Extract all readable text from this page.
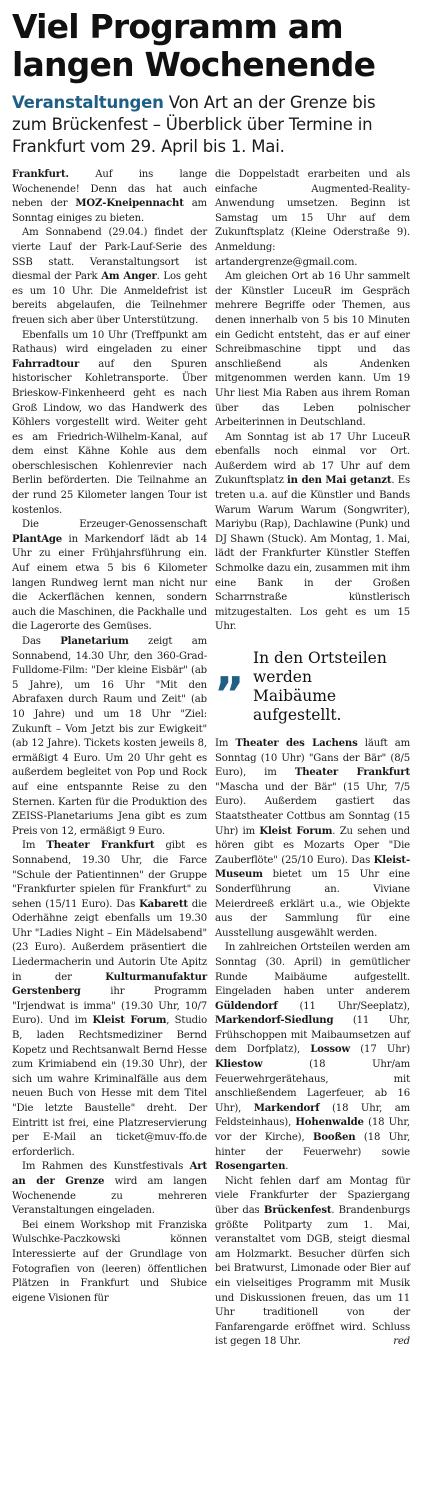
Viel Programm am
langen Wochenende

Veranstaltungen Von Art an der Grenze bis zum Brückenfest – Überblick über Termine in Frankfurt vom 29. April bis 1. Mai.

Frankfurt. Auf ins lange Wochenende! Denn das hat auch neben der MOZ-Kneipennacht am Sonntag einiges zu bieten.

Am Sonnabend (29.04.) findet der vierte Lauf der Park-Lauf-Serie des SSB statt. Veranstaltungsort ist diesmal der Park Am Anger. Los geht es um 10 Uhr. Die Anmeldefrist ist bereits abgelaufen, die Teilnehmer freuen sich aber über Unterstützung.

Ebenfalls um 10 Uhr (Treffpunkt am Rathaus) wird eingeladen zu einer Fahrradtour auf den Spuren historischer Kohletransporte. Über Brieskow-Finkenheerd geht es nach Groß Lindow, wo das Handwerk des Köhlers vorgestellt wird. Weiter geht es am Friedrich-Wilhelm-Kanal, auf dem einst Kähne Kohle aus dem oberschlesischen Kohlenrevier nach Berlin beförderten. Die Teilnahme an der rund 25 Kilometer langen Tour ist kostenlos.

Die Erzeuger-Genossenschaft PlantAge in Markendorf lädt ab 14 Uhr zu einer Frühjahrsführung ein. Auf einem etwa 5 bis 6 Kilometer langen Rundweg lernt man nicht nur die Ackerflächen kennen, sondern auch die Maschinen, die Packhalle und die Lagerorte des Gemüses.

Das Planetarium zeigt am Sonnabend, 14.30 Uhr, den 360-Grad-Fulldome-Film: "Der kleine Eisbär" (ab 5 Jahre), um 16 Uhr "Mit den Abrafaxen durch Raum und Zeit" (ab 10 Jahre) und um 18 Uhr "Ziel: Zukunft – Vom Jetzt bis zur Ewigkeit" (ab 12 Jahre). Tickets kosten jeweils 8, ermäßigt 4 Euro. Um 20 Uhr geht es außerdem begleitet von Pop und Rock auf eine entspannte Reise zu den Sternen. Karten für die Produktion des ZEISS-Planetariums Jena gibt es zum Preis von 12, ermäßigt 9 Euro.

Im Theater Frankfurt gibt es Sonnabend, 19.30 Uhr, die Farce "Schule der Patientinnen" der Gruppe "Frankfurter spielen für Frankfurt" zu sehen (15/11 Euro). Das Kabarett die Oderhähne zeigt ebenfalls um 19.30 Uhr "Ladies Night – Ein Mädelsabend" (23 Euro). Außerdem präsentiert die Liedermacherin und Autorin Ute Apitz in der Kulturmanufaktur Gerstenberg ihr Programm "Irjendwat is imma" (19.30 Uhr, 10/7 Euro). Und im Kleist Forum, Studio B, laden Rechtsmediziner Bernd Kopetz und Rechtsanwalt Bernd Hesse zum Krimiabend ein (19.30 Uhr), der sich um wahre Kriminalfälle aus dem neuen Buch von Hesse mit dem Titel "Die letzte Baustelle" dreht. Der Eintritt ist frei, eine Platzreservierung per E-Mail an ticket@muv-ffo.de erforderlich.

Im Rahmen des Kunstfestivals Art an der Grenze wird am langen Wochenende zu mehreren Veranstaltungen eingeladen.

Bei einem Workshop mit Franziska Wulschke-Paczkowski können Interessierte auf der Grundlage von Fotografien von (leeren) öffentlichen Plätzen in Frankfurt und Słubice eigene Visionen für

die Doppelstadt erarbeiten und als einfache Augmented-Reality-Anwendung umsetzen. Beginn ist Samstag um 15 Uhr auf dem Zukunftsplatz (Kleine Oderstraße 9). Anmeldung: artandergrenze@gmail.com.

Am gleichen Ort ab 16 Uhr sammelt der Künstler LuceuR im Gespräch mehrere Begriffe oder Themen, aus denen innerhalb von 5 bis 10 Minuten ein Gedicht entsteht, das er auf einer Schreibmaschine tippt und das anschließend als Andenken mitgenommen werden kann. Um 19 Uhr liest Mia Raben aus ihrem Roman über das Leben polnischer Arbeiterinnen in Deutschland.

Am Sonntag ist ab 17 Uhr LuceuR ebenfalls noch einmal vor Ort. Außerdem wird ab 17 Uhr auf dem Zukunftsplatz in den Mai getanzt. Es treten u.a. auf die Künstler und Bands Warum Warum Warum (Songwriter), Mariybu (Rap), Dachlawine (Punk) und DJ Shawn (Stuck). Am Montag, 1. Mai, lädt der Frankfurter Künstler Steffen Schmolke dazu ein, zusammen mit ihm eine Bank in der Großen Scharrnstraße künstlerisch mitzugestalten. Los geht es um 15 Uhr.

„ In den Ortsteilen
werden
Maibäume aufgestellt.

Im Theater des Lachens läuft am Sonntag (10 Uhr) "Gans der Bär" (8/5 Euro), im Theater Frankfurt "Mascha und der Bär" (15 Uhr, 7/5 Euro). Außerdem gastiert das Staatstheater Cottbus am Sonntag (15 Uhr) im Kleist Forum. Zu sehen und hören gibt es Mozarts Oper "Die Zauberflöte" (25/10 Euro). Das Kleist-Museum bietet um 15 Uhr eine Sonderführung an. Viviane Meierdreeß erklärt u.a., wie Objekte aus der Sammlung für eine Ausstellung ausgewählt werden.

In zahlreichen Ortsteilen werden am Sonntag (30. April) in gemütlicher Runde Maibäume aufgestellt. Eingeladen haben unter anderem Güldendorf (11 Uhr/Seeplatz), Markendorf-Siedlung (11 Uhr, Frühschoppen mit Maibaumsetzen auf dem Dorfplatz), Lossow (17 Uhr) Kliestow (18 Uhr/am Feuerwehrgerätehaus, mit anschließendem Lagerfeuer, ab 16 Uhr), Markendorf (18 Uhr, am Feldsteinhaus), Hohenwalde (18 Uhr, vor der Kirche), Booßen (18 Uhr, hinter der Feuerwehr) sowie Rosengarten.

Nicht fehlen darf am Montag für viele Frankfurter der Spaziergang über das Brückenfest. Brandenburgs größte Politparty zum 1. Mai, veranstaltet vom DGB, steigt diesmal am Holzmarkt. Besucher dürfen sich bei Bratwurst, Limonade oder Bier auf ein vielseitiges Programm mit Musik und Diskussionen freuen, das um 11 Uhr traditionell von der Fanfarengarde eröffnet wird. Schluss ist gegen 18 Uhr.	red
